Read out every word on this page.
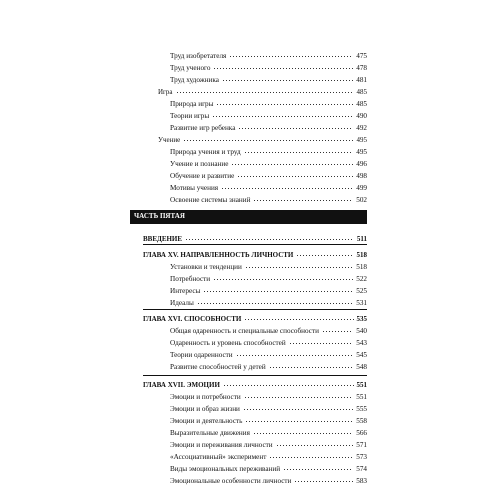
Труд изобретателя	475
Труд ученого	478
Труд художника	481
Игра	485
Природа игры	485
Теории игры	490
Развитие игр ребенка	492
Учение	495
Природа учения и труд	495
Учение и познание	496
Обучение и развитие	498
Мотивы учения	499
Освоение системы знаний	502
ЧАСТЬ ПЯТАЯ
ВВЕДЕНИЕ	511
ГЛАВА XV. НАПРАВЛЕННОСТЬ ЛИЧНОСТИ	518
Установки и тенденции	518
Потребности	522
Интересы	525
Идеалы	531
ГЛАВА XVI. СПОСОБНОСТИ	535
Общая одаренность и специальные способности	540
Одаренность и уровень способностей	543
Теории одаренности	545
Развитие способностей у детей	548
ГЛАВА XVII. ЭМОЦИИ	551
Эмоции и потребности	551
Эмоции и образ жизни	555
Эмоции и деятельность	558
Выразительные движения	566
Эмоции и переживания личности	571
«Ассоциативный» эксперимент	573
Виды эмоциональных переживаний	574
Эмоциональные особенности личности	583
